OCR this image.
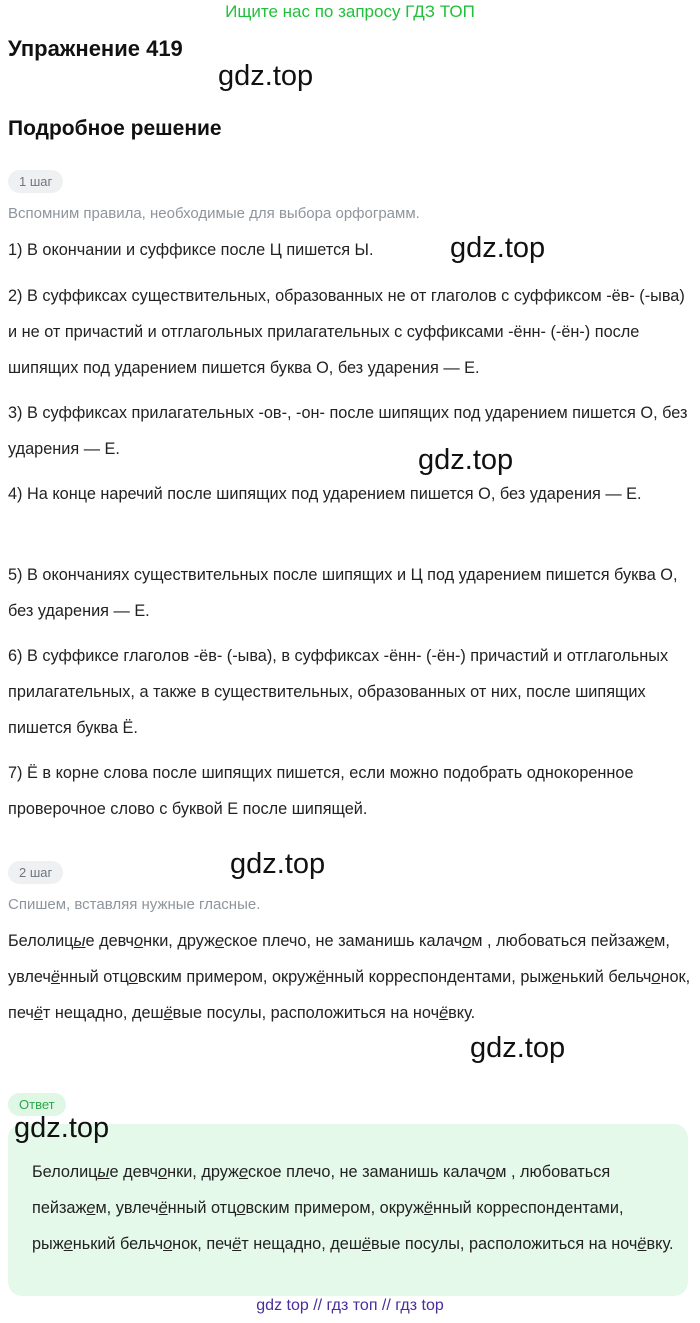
Ищите нас по запросу ГДЗ ТОП
Упражнение 419
gdz.top
Подробное решение
1 шаг
Вспомним правила, необходимые для выбора орфограмм.
gdz.top
1) В окончании и суффиксе после Ц пишется Ы.
2) В суффиксах существительных, образованных не от глаголов с суффиксом -ёв- (-ыва) и не от причастий и отглагольных прилагательных с суффиксами -ённ- (-ён-) после шипящих под ударением пишется буква О, без ударения — Е.
3) В суффиксах прилагательных -ов-, -он- после шипящих под ударением пишется О, без ударения — Е.	gdz.top
4) На конце наречий после шипящих под ударением пишется О, без ударения — Е.
5) В окончаниях существительных после шипящих и Ц под ударением пишется буква О, без ударения — Е.
6) В суффиксе глаголов -ёв- (-ыва), в суффиксах -ённ- (-ён-) причастий и отглагольных прилагательных, а также в существительных, образованных от них, после шипящих пишется буква Ё.
7) Ё в корне слова после шипящих пишется, если можно подобрать однокоренное проверочное слово с буквой Е после шипящей.
2 шаг	gdz.top
Спишем, вставляя нужные гласные.
Белолицые девчонки, дружеское плечо, не заманишь калачом , любоваться пейзажем, увлечённый отцовским примером, окружённый корреспондентами, рыженький бельчонок, печёт нещадно, дешёвые посулы, расположиться на ночёвку.
gdz.top
Ответ
Белолицые девчонки, дружеское плечо, не заманишь калачом , любоваться пейзажем, увлечённый отцовским примером, окружённый корреспондентами, рыженький бельчонок, печёт нещадно, дешёвые посулы, расположиться на ночёвку.
gdz.top
gdz top // гдз топ // гдз top
